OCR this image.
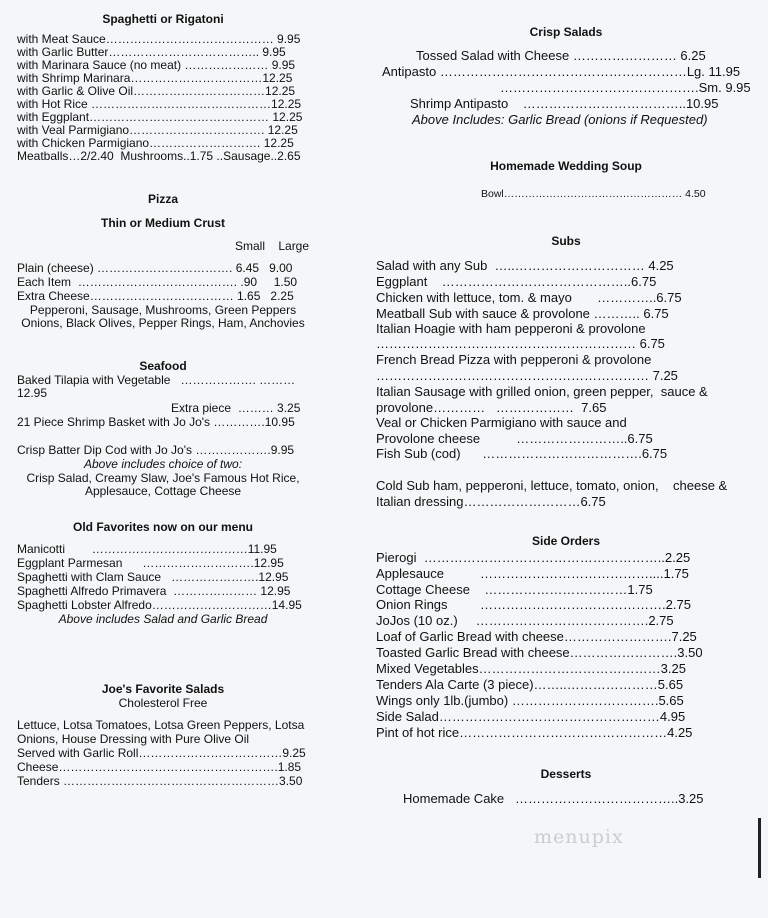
Spaghetti or Rigatoni
with Meat Sauce…………………………………… 9.95
with Garlic Butter……………………………….. 9.95
with Marinara Sauce (no meat) ………………… 9.95
with Shrimp Marinara……………………………12.25
with Garlic & Olive Oil……………………………12.25
with Hot Rice ………………………………………12.25
with Eggplant……………………………………… 12.25
with Veal Parmigiano……………………………. 12.25
with Chicken Parmigiano………………………. 12.25
Meatballs…2/2.40  Mushrooms..1.75 ..Sausage..2.65
Pizza
Thin or Medium Crust
Small    Large
Plain (cheese) ……………………………. 6.45   9.00
Each Item  …………………………………. .90     1.50
Extra Cheese……………………………… 1.65   2.25
Pepperoni, Sausage, Mushrooms, Green Peppers Onions, Black Olives, Pepper Rings, Ham, Anchovies
Seafood
Baked Tilapia with Vegetable   ………………. ………
12.95
Extra piece  ……… 3.25
21 Piece Shrimp Basket with Jo Jo's ………….10.95
Crisp Batter Dip Cod with Jo Jo's ……………….9.95
Above includes choice of two:
Crisp Salad, Creamy Slaw, Joe's Famous Hot Rice, Applesauce, Cottage Cheese
Old Favorites now on our menu
Manicotti        …………………………………11.95
Eggplant Parmesan      ……………………….12.95
Spaghetti with Clam Sauce   ………………….12.95
Spaghetti Alfredo Primavera  ………………… 12.95
Spaghetti Lobster Alfredo…………………………14.95
Above includes Salad and Garlic Bread
Joe's Favorite Salads
Cholesterol Free
Lettuce, Lotsa Tomatoes, Lotsa Green Peppers, Lotsa
Onions, House Dressing with Pure Olive Oil
Served with Garlic Roll………………………………9.25
Cheese……………………………………………….1.85
Tenders ………………………………………………3.50
Crisp Salads
Tossed Salad with Cheese …………………… 6.25
Antipasto …………………………………………………Lg. 11.95
……………………………………….Sm. 9.95
Shrimp Antipasto    ………………………………..10.95
Above Includes: Garlic Bread (onions if Requested)
Homemade Wedding Soup
Bowl…………………………………………… 4.50
Subs
Salad with any Sub  …..………………………… 4.25
Eggplant    ……………………………………..6.75
Chicken with lettuce, tom. & mayo       …………..6.75
Meatball Sub with sauce & provolone ……….. 6.75
Italian Hoagie with ham pepperoni & provolone
…………………………………………………… 6.75
French Bread Pizza with pepperoni & provolone
……………………………………………………… 7.25
Italian Sausage with grilled onion, green pepper,  sauce &
provolone…………   ………………  7.65
Veal or Chicken Parmigiano with sauce and
Provolone cheese          ……………………..6.75
Fish Sub (cod)      ……………………………….6.75
Cold Sub ham, pepperoni, lettuce, tomato, onion,    cheese &
Italian dressing………………………6.75
Side Orders
Pierogi  ………………………………………………..2.25
Applesauce          …………………………………....1.75
Cottage Cheese    ……………………………1.75
Onion Rings         …………………………………….2.75
JoJos (10 oz.)     ………………………………….2.75
Loaf of Garlic Bread with cheese…………………….7.25
Toasted Garlic Bread with cheese…………………….3.50
Mixed Vegetables……………………………………3.25
Tenders Ala Carte (3 piece)……..…………………5.65
Wings only 1lb.(jumbo) …………………………….5.65
Side Salad……………………………………………4.95
Pint of hot rice…………………………………………4.25
Desserts
Homemade Cake   ………………………………..3.25
menupix
